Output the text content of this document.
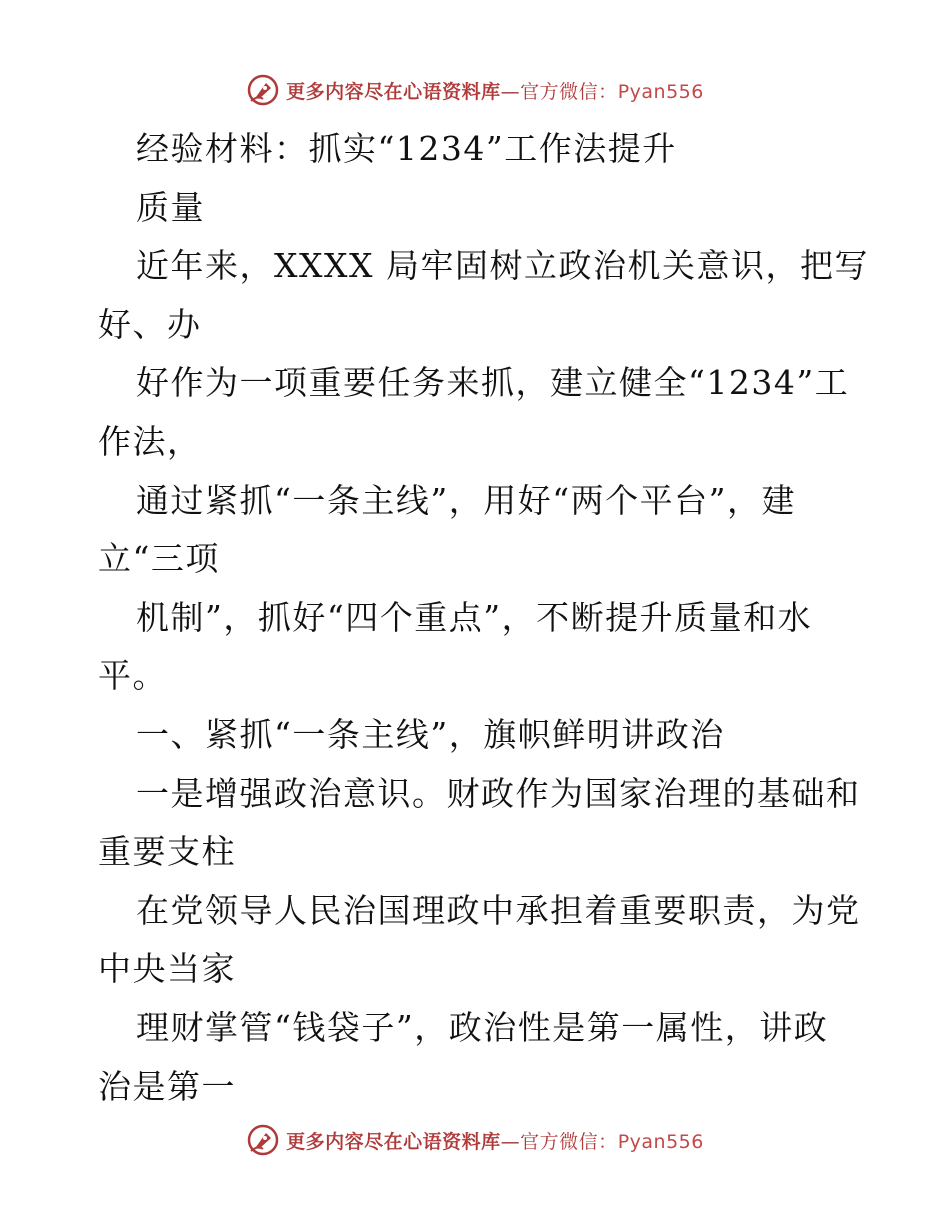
更多内容尽在心语资料库—官方微信：Pyan556
经验材料：抓实“1234”工作法提升
质量
近年来，XXXX 局牢固树立政治机关意识，把写
好、办
好作为一项重要任务来抓，建立健全“1234”工
作法，
通过紧抓“一条主线”，用好“两个平台”，建
立“三项
机制”，抓好“四个重点”，不断提升质量和水
平。
一、紧抓“一条主线”，旗帜鲜明讲政治
一是增强政治意识。财政作为国家治理的基础和
重要支柱
在党领导人民治国理政中承担着重要职责，为党
中央当家
理财掌管“钱袋子”，政治性是第一属性，讲政
治是第一
更多内容尽在心语资料库—官方微信：Pyan556
